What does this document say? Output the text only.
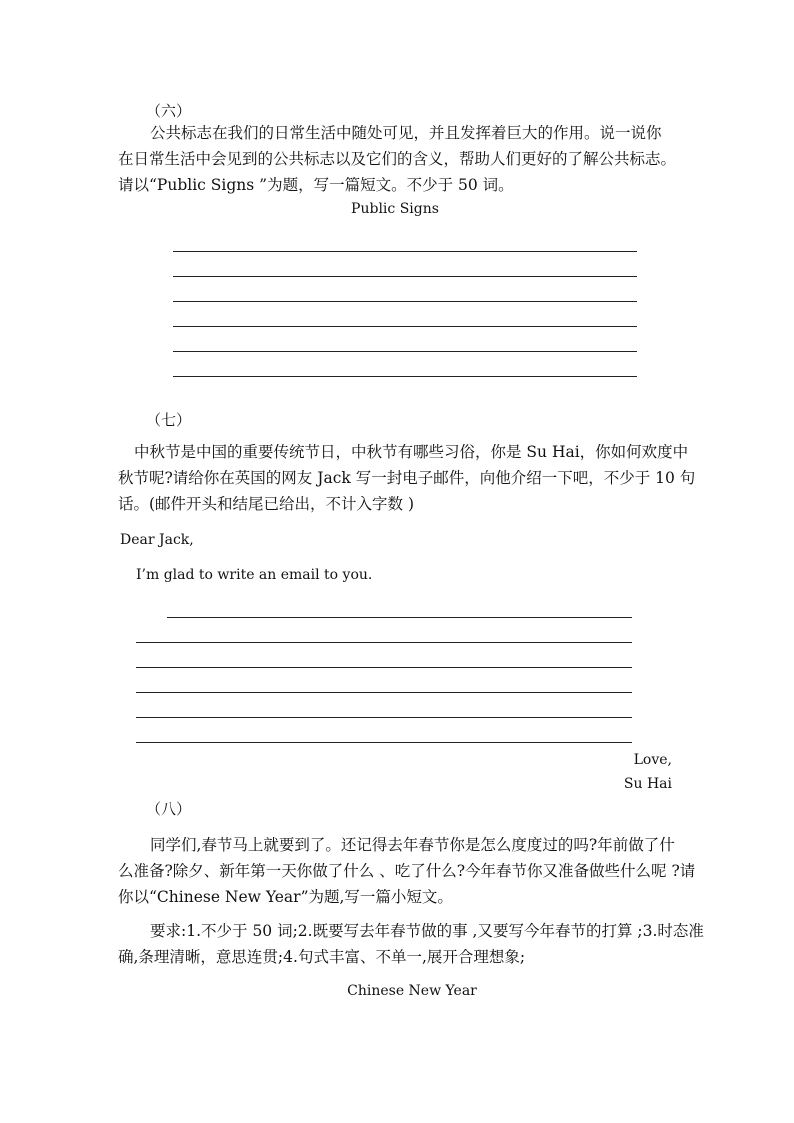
（六）
公共标志在我们的日常生活中随处可见，并且发挥着巨大的作用。说一说你
在日常生活中会见到的公共标志以及它们的含义，帮助人们更好的了解公共标志。
请以“Public Signs ”为题，写一篇短文。不少于 50 词。
Public Signs
（七）
中秋节是中国的重要传统节日，中秋节有哪些习俗，你是 Su Hai，你如何欢度中
秋节呢?请给你在英国的网友 Jack 写一封电子邮件，向他介绍一下吧，不少于 10 句
话。(邮件开头和结尾已给出，不计入字数 )
Dear Jack,
I’m glad to write an email to you.
Love,
Su Hai
（八）
同学们,春节马上就要到了。还记得去年春节你是怎么度度过的吗?年前做了什
么准备?除夕、新年第一天你做了什么 、吃了什么?今年春节你又准备做些什么呢 ?请
你以“Chinese New Year”为题,写一篇小短文。
要求:1.不少于 50 词;2.既要写去年春节做的事 ,又要写今年春节的打算 ;3.时态准
确,条理清晰，意思连贯;4.句式丰富、不单一,展开合理想象;
Chinese New Year
